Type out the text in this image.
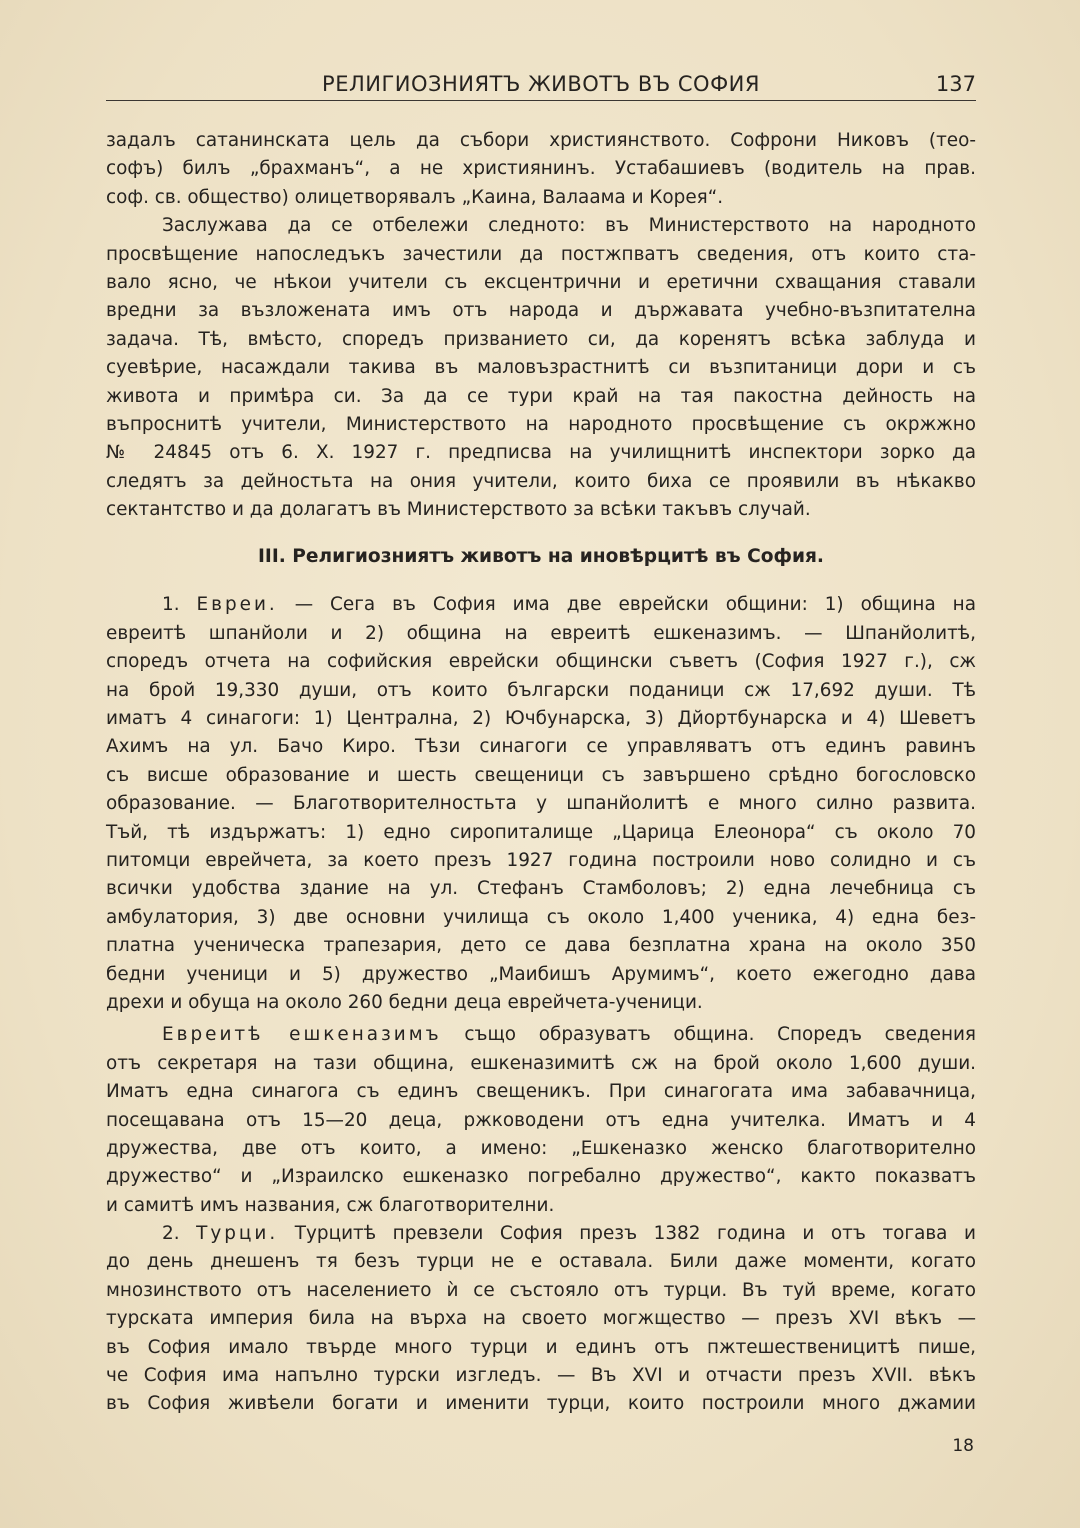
РЕЛИГИОЗНИЯТЪ ЖИВОТЪ ВЪ СОФИЯ	137
задалъ сатанинската цель да събори християнството. Софрони Никовъ (тео-
софъ) билъ „брахманъ“, а не християнинъ. Устабашиевъ (водитель на прав.
соф. св. общество) олицетворявалъ „Каина, Валаама и Корея“.
Заслужава да се отбележи следното: въ Министерството на народното
просвѣщение напоследъкъ зачестили да постжпватъ сведения, отъ които ста-
вало ясно, че нѣкои учители съ ексцентрични и еретични схващания ставали
вредни за възложената имъ отъ народа и държавата учебно-възпитателна
задача. Тѣ, вмѣсто, споредъ призванието си, да коренятъ всѣка заблуда и
суевѣрие, насаждали такива въ маловъзрастнитѣ си възпитаници дори и съ
живота и примѣра си. За да се тури край на тая пакостна дейность на
въпроснитѣ учители, Министерството на народното просвѣщение съ окржжно
№ 24845 отъ 6. X. 1927 г. предписва на училищнитѣ инспектори зорко да
следятъ за дейностьта на ония учители, които биха се проявили въ нѣкакво
сектантство и да долагатъ въ Министерството за всѣки такъвъ случай.
III. Религиозниятъ животъ на иновѣрцитѣ въ София.
1. Евреи. — Сега въ София има две еврейски общини: 1) община на
евреитѣ шпанйоли и 2) община на евреитѣ ешкеназимъ. — Шпанйолитѣ,
споредъ отчета на софийския еврейски общински съветъ (София 1927 г.), сж
на брой 19,330 души, отъ които български поданици сж 17,692 души. Тѣ
иматъ 4 синагоги: 1) Централна, 2) Ючбунарска, 3) Дйортбунарска и 4) Шеветъ
Ахимъ на ул. Бачо Киро. Тѣзи синагоги се управляватъ отъ единъ равинъ
съ висше образование и шесть свещеници съ завършено срѣдно богословско
образование. — Благотворителностьта у шпанйолитѣ е много силно развита.
Тъй, тѣ издържатъ: 1) едно сиропиталище „Царица Елеонора“ съ около 70
питомци еврейчета, за което презъ 1927 година построили ново солидно и съ
всички удобства здание на ул. Стефанъ Стамболовъ; 2) една лечебница съ
амбулатория, 3) две основни училища съ около 1,400 ученика, 4) една без-
платна ученическа трапезария, дето се дава безплатна храна на около 350
бедни ученици и 5) дружество „Маибишъ Арумимъ“, което ежегодно дава
дрехи и обуща на около 260 бедни деца еврейчета-ученици.
Евреитѣ ешкеназимъ също образуватъ община. Споредъ сведения
отъ секретаря на тази община, ешкеназимитѣ сж на брой около 1,600 души.
Иматъ една синагога съ единъ свещеникъ. При синагогата има забавачница,
посещавана отъ 15—20 деца, ржководени отъ една учителка. Иматъ и 4
дружества, две отъ които, а имено: „Ешкеназко женско благотворително
дружество“ и „Израилско ешкеназко погребално дружество“, както показватъ
и самитѣ имъ названия, сж благотворителни.
2. Турци. Турцитѣ превзели София презъ 1382 година и отъ тогава и
до день днешенъ тя безъ турци не е оставала. Били даже моменти, когато
мнозинството отъ населението ѝ се състояло отъ турци. Въ туй време, когато
турската империя била на върха на своето могжщество — презъ XVI вѣкъ —
въ София имало твърде много турци и единъ отъ пжтешественицитѣ пише,
че София има напълно турски изгледъ. — Въ XVI и отчасти презъ XVII. вѣкъ
въ София живѣели богати и именити турци, които построили много джамии
18
